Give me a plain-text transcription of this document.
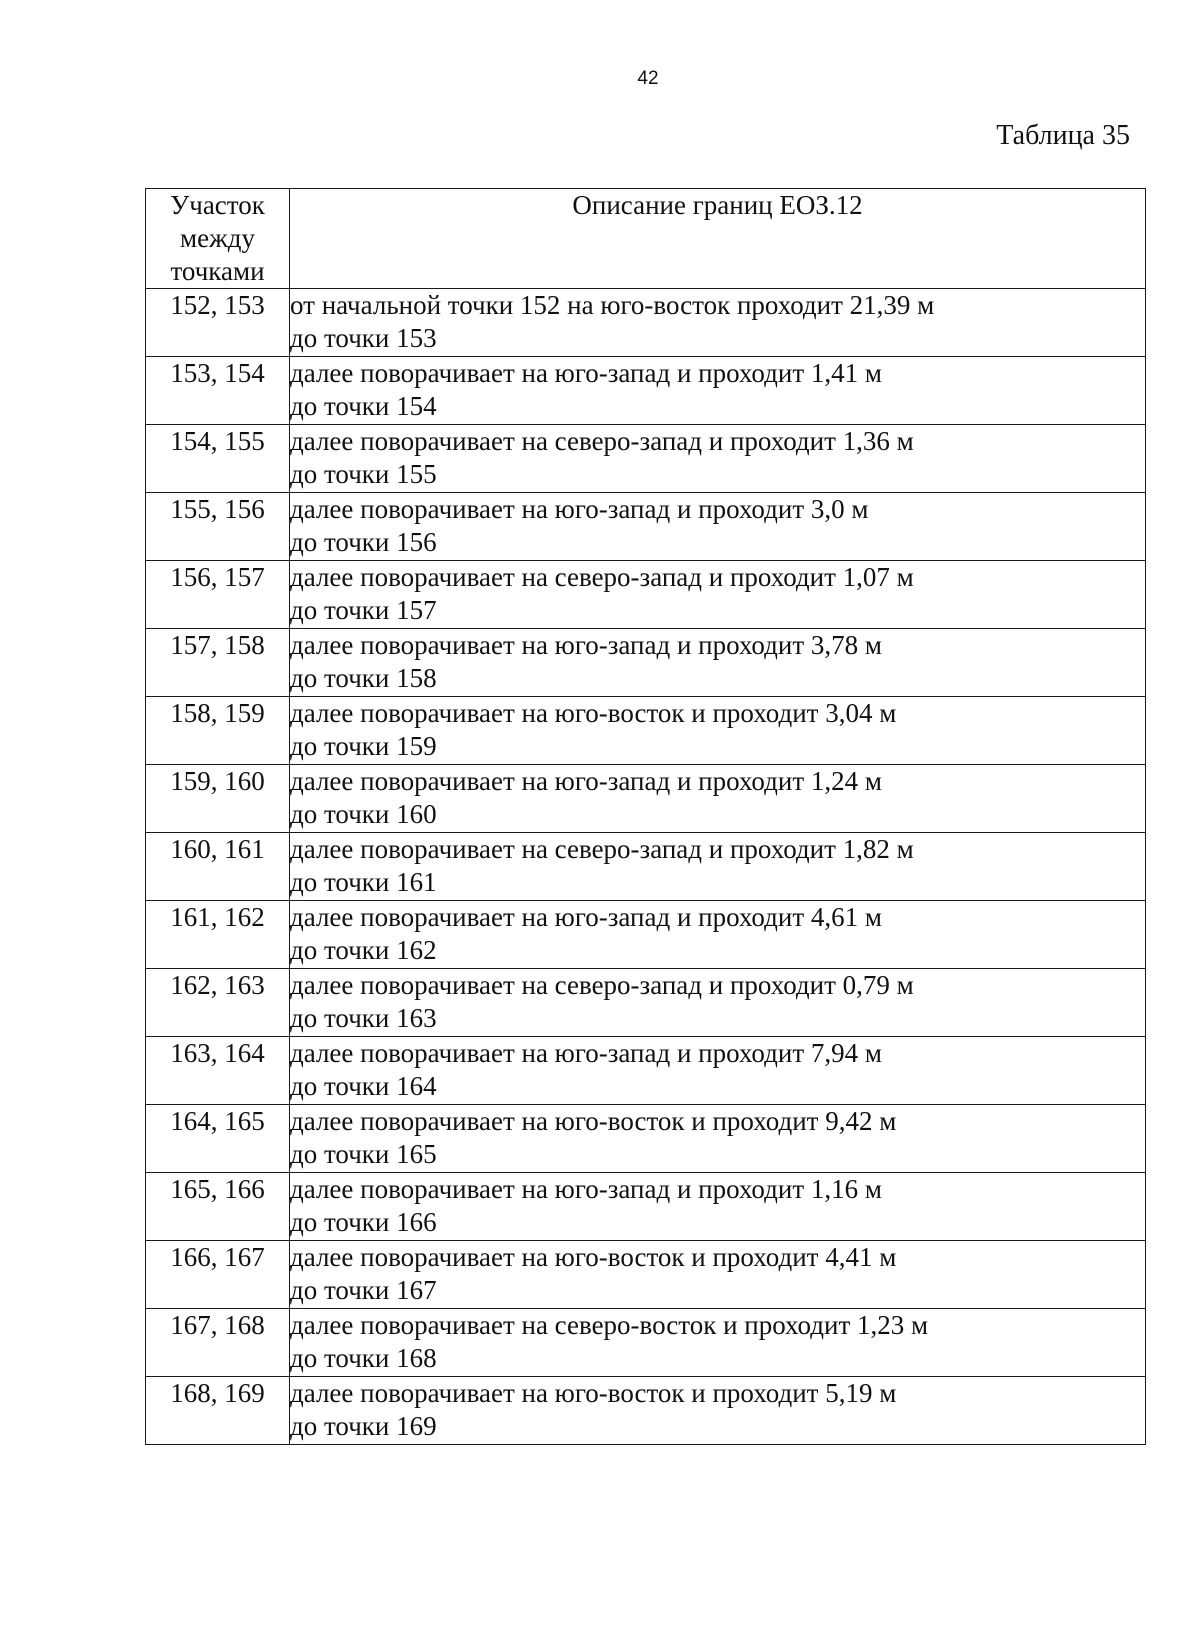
42
Таблица 35
Участок
между
точками	Описание границ ЕОЗ.12
152, 153	от начальной точки 152 на юго-восток проходит 21,39 м
до точки 153

153, 154	далее поворачивает на юго-запад и проходит 1,41 м
до точки 154

154, 155	далее поворачивает на северо-запад и проходит 1,36 м
до точки 155

155, 156	далее поворачивает на юго-запад и проходит 3,0 м
до точки 156

156, 157	далее поворачивает на северо-запад и проходит 1,07 м
до точки 157

157, 158	далее поворачивает на юго-запад и проходит 3,78 м
до точки 158

158, 159	далее поворачивает на юго-восток и проходит 3,04 м
до точки 159

159, 160	далее поворачивает на юго-запад и проходит 1,24 м
до точки 160

160, 161	далее поворачивает на северо-запад и проходит 1,82 м
до точки 161

161, 162	далее поворачивает на юго-запад и проходит 4,61 м
до точки 162

162, 163	далее поворачивает на северо-запад и проходит 0,79 м
до точки 163

163, 164	далее поворачивает на юго-запад и проходит 7,94 м
до точки 164

164, 165	далее поворачивает на юго-восток и проходит 9,42 м
до точки 165

165, 166	далее поворачивает на юго-запад и проходит 1,16 м
до точки 166

166, 167	далее поворачивает на юго-восток и проходит 4,41 м
до точки 167

167, 168	далее поворачивает на северо-восток и проходит 1,23 м
до точки 168

168, 169	далее поворачивает на юго-восток и проходит 5,19 м
до точки 169
